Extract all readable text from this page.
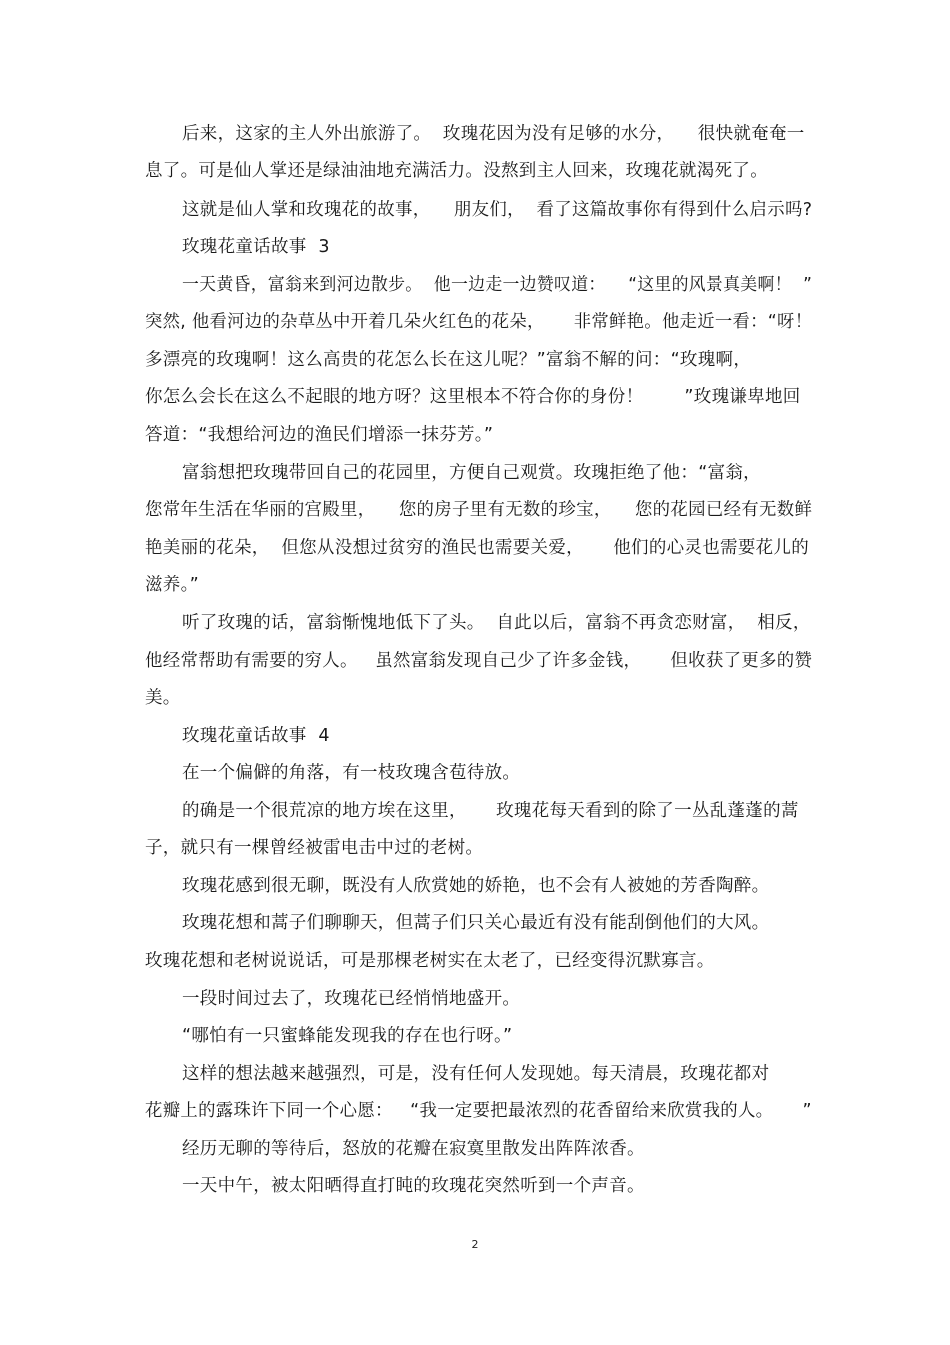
后来，这家的主人外出旅游了。  玫瑰花因为没有足够的水分，    很快就奄奄一
息了。可是仙人掌还是绿油油地充满活力。没熬到主人回来，玫瑰花就渴死了。
这就是仙人掌和玫瑰花的故事，    朋友们，  看了这篇故事你有得到什么启示吗?
玫瑰花童话故事  3
一天黄昏，富翁来到河边散步。  他一边走一边赞叹道：    “这里的风景真美啊！  ”
突然, 他看河边的杂草丛中开着几朵火红色的花朵，     非常鲜艳。他走近一看：“呀！
多漂亮的玫瑰啊！这么高贵的花怎么长在这儿呢？”富翁不解的问：“玫瑰啊，
你怎么会长在这么不起眼的地方呀？这里根本不符合你的身份！       ”玫瑰谦卑地回
答道：“我想给河边的渔民们增添一抹芬芳。”
富翁想把玫瑰带回自己的花园里，方便自己观赏。玫瑰拒绝了他：“富翁，
您常年生活在华丽的宫殿里，    您的房子里有无数的珍宝，    您的花园已经有无数鲜
艳美丽的花朵，  但您从没想过贫穷的渔民也需要关爱，     他们的心灵也需要花儿的
滋养。”
听了玫瑰的话，富翁惭愧地低下了头。  自此以后，富翁不再贪恋财富，  相反，
他经常帮助有需要的穷人。   虽然富翁发现自己少了许多金钱，     但收获了更多的赞
美。
玫瑰花童话故事  4
在一个偏僻的角落，有一枝玫瑰含苞待放。
的确是一个很荒凉的地方埃在这里，     玫瑰花每天看到的除了一丛乱蓬蓬的蒿
子，就只有一棵曾经被雷电击中过的老树。
玫瑰花感到很无聊，既没有人欣赏她的娇艳，也不会有人被她的芳香陶醉。
玫瑰花想和蒿子们聊聊天，但蒿子们只关心最近有没有能刮倒他们的大风。
玫瑰花想和老树说说话，可是那棵老树实在太老了，已经变得沉默寡言。
一段时间过去了，玫瑰花已经悄悄地盛开。
“哪怕有一只蜜蜂能发现我的存在也行呀。”
这样的想法越来越强烈，可是，没有任何人发现她。每天清晨，玫瑰花都对
花瓣上的露珠许下同一个心愿：   “我一定要把最浓烈的花香留给来欣赏我的人。     ”
经历无聊的等待后，怒放的花瓣在寂寞里散发出阵阵浓香。
一天中午，被太阳晒得直打盹的玫瑰花突然听到一个声音。
2
